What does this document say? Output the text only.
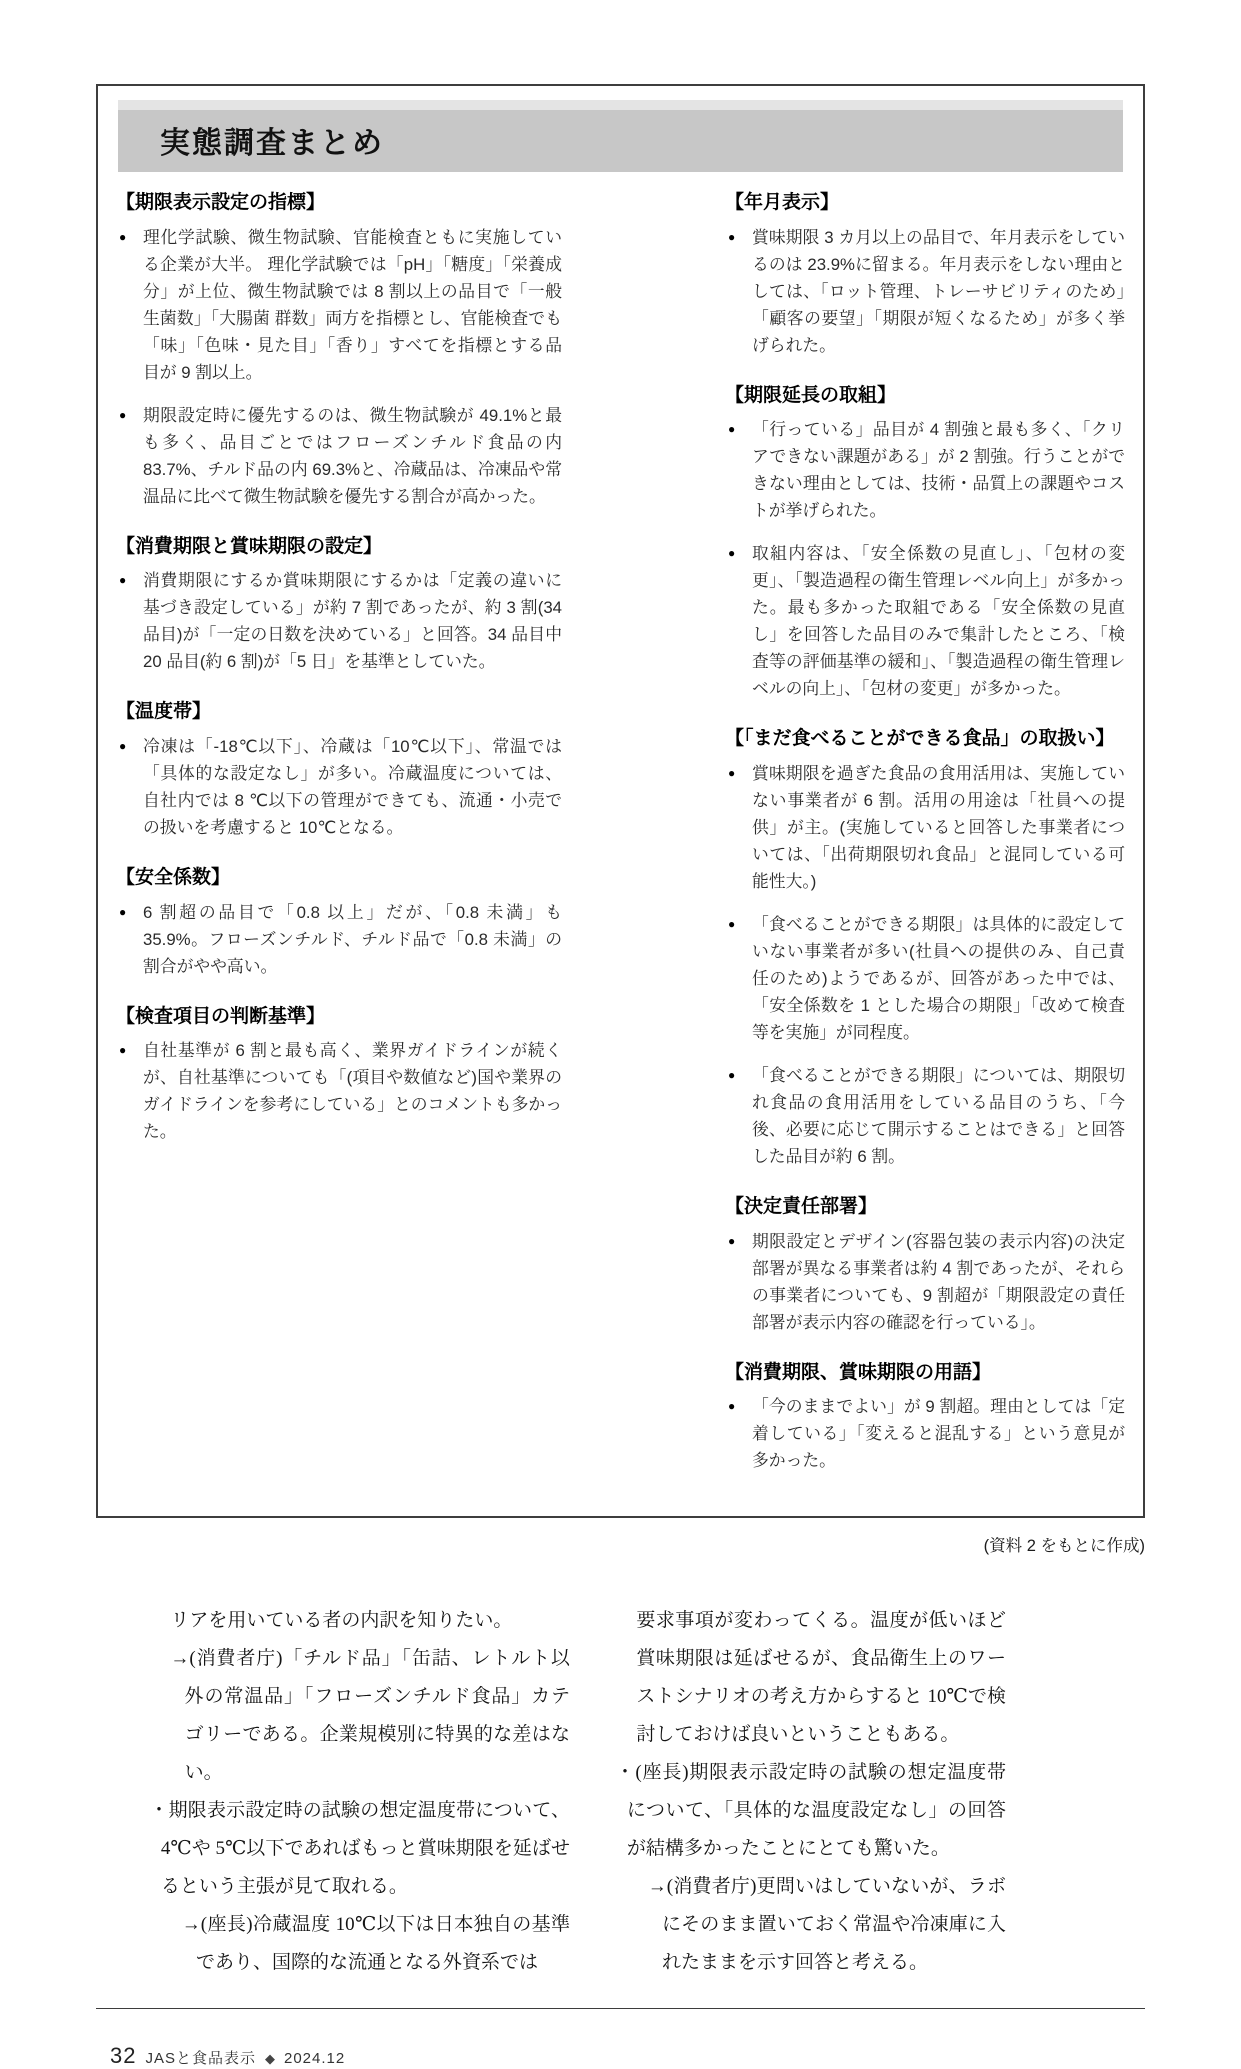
実態調査まとめ
【期限表示設定の指標】

● 理化学試験、微生物試験、官能検査ともに実施している企業が大半。 理化学試験では「pH」「糖度」「栄養成分」が上位、微生物試験では 8 割以上の品目で「一般生菌数」「大腸菌 群数」両方を指標とし、官能検査でも「味」「色味・見た目」「香り」すべてを指標とする品目が 9 割以上。

● 期限設定時に優先するのは、微生物試験が 49.1%と最も多く、品目ごとではフローズンチルド食品の内 83.7%、チルド品の内 69.3%と、冷蔵品は、冷凍品や常温品に比べて微生物試験を優先する割合が高かった。

【消費期限と賞味期限の設定】

● 消費期限にするか賞味期限にするかは「定義の違いに基づき設定している」が約 7 割であったが、約 3 割(34 品目)が「一定の日数を決めている」と回答。34 品目中 20 品目(約 6 割)が「5 日」を基準としていた。

【温度帯】

● 冷凍は「-18℃以下」、冷蔵は「10℃以下」、常温では「具体的な設定なし」が多い。冷蔵温度については、自社内では 8 ℃以下の管理ができても、流通・小売での扱いを考慮すると 10℃となる。

【安全係数】

● 6 割超の品目で「0.8 以上」だが、「0.8 未満」も 35.9%。フローズンチルド、チルド品で「0.8 未満」の割合がやや高い。

【検査項目の判断基準】

● 自社基準が 6 割と最も高く、業界ガイドラインが続くが、自社基準についても「(項目や数値など)国や業界のガイドラインを参考にしている」とのコメントも多かった。

【年月表示】

● 賞味期限 3 カ月以上の品目で、年月表示をしているのは 23.9%に留まる。年月表示をしない理由としては、「ロット管理、トレーサビリティのため」「顧客の要望」「期限が短くなるため」が多く挙げられた。

【期限延長の取組】

● 「行っている」品目が 4 割強と最も多く、「クリアできない課題がある」が 2 割強。行うことができない理由としては、技術・品質上の課題やコストが挙げられた。

● 取組内容は、「安全係数の見直し」、「包材の変更」、「製造過程の衛生管理レベル向上」が多かった。最も多かった取組である「安全係数の見直し」を回答した品目のみで集計したところ、「検査等の評価基準の緩和」、「製造過程の衛生管理レベルの向上」、「包材の変更」が多かった。

【「まだ食べることができる食品」の取扱い】

● 賞味期限を過ぎた食品の食用活用は、実施していない事業者が 6 割。活用の用途は「社員への提供」が主。(実施していると回答した事業者については、「出荷期限切れ食品」と混同している可能性大。)

● 「食べることができる期限」は具体的に設定していない事業者が多い(社員への提供のみ、自己責任のため)ようであるが、回答があった中では、「安全係数を 1 とした場合の期限」「改めて検査等を実施」が同程度。

● 「食べることができる期限」については、期限切れ食品の食用活用をしている品目のうち、「今後、必要に応じて開示することはできる」と回答した品目が約 6 割。

【決定責任部署】

● 期限設定とデザイン(容器包装の表示内容)の決定部署が異なる事業者は約 4 割であったが、それらの事業者についても、9 割超が「期限設定の責任部署が表示内容の確認を行っている」。

【消費期限、賞味期限の用語】

● 「今のままでよい」が 9 割超。理由としては「定着している」「変えると混乱する」という意見が多かった。

(資料 2 をもとに作成)

リアを用いている者の内訳を知りたい。

→(消費者庁)「チルド品」「缶詰、レトルト以外の常温品」「フローズンチルド食品」カテゴリーである。企業規模別に特異的な差はない。

・期限表示設定時の試験の想定温度帯について、4℃や 5℃以下であればもっと賞味期限を延ばせるという主張が見て取れる。

→(座長)冷蔵温度 10℃以下は日本独自の基準であり、国際的な流通となる外資系では

要求事項が変わってくる。温度が低いほど賞味期限は延ばせるが、食品衛生上のワーストシナリオの考え方からすると 10℃で検討しておけば良いということもある。

・(座長)期限表示設定時の試験の想定温度帯について、「具体的な温度設定なし」の回答が結構多かったことにとても驚いた。

→(消費者庁)更問いはしていないが、ラボにそのまま置いておく常温や冷凍庫に入れたままを示す回答と考える。

32 JASと食品表示 ◆ 2024.12
